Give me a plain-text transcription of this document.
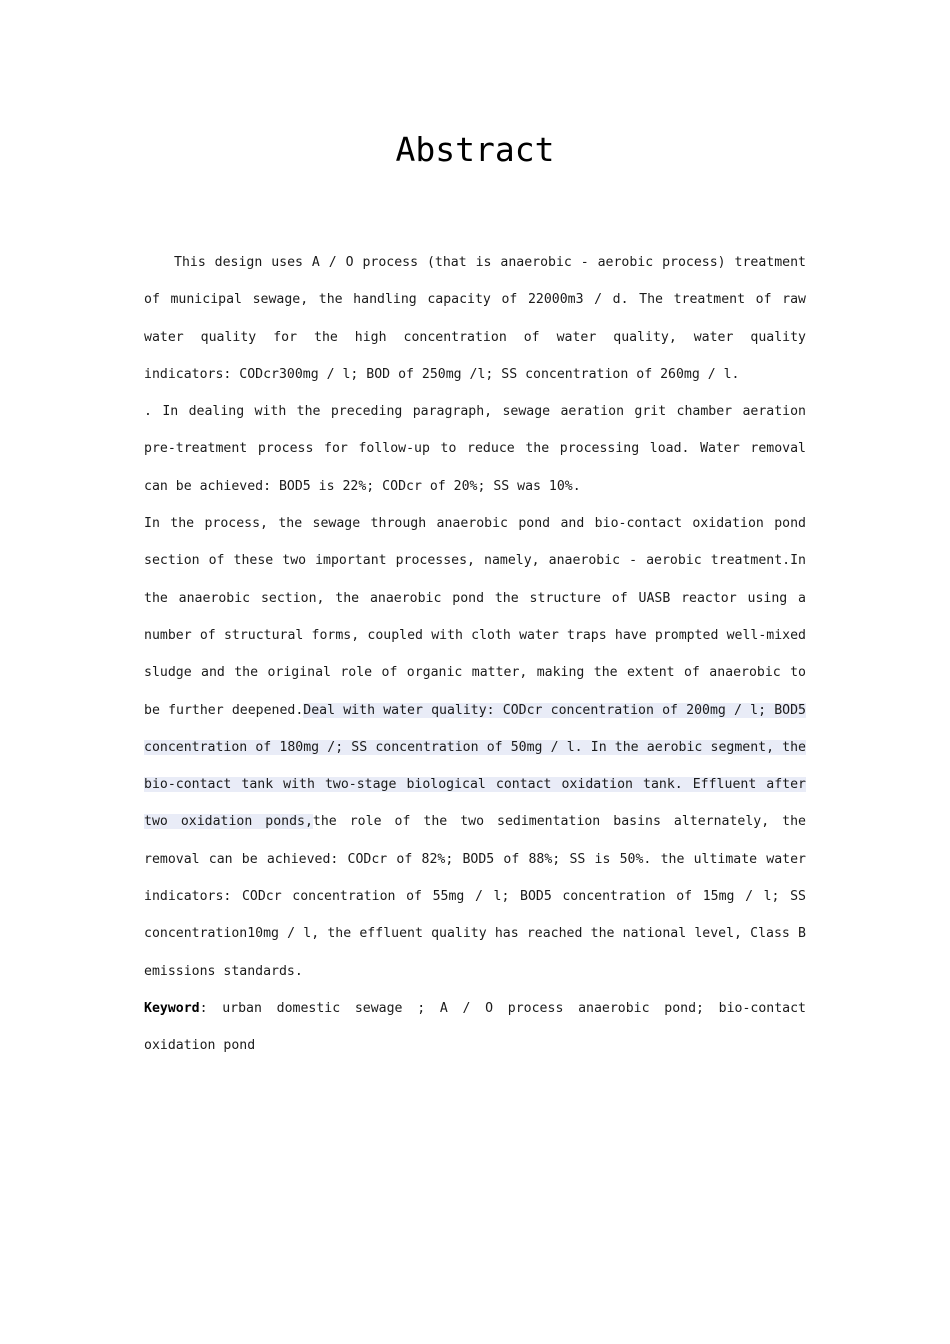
Abstract

This design uses A / O process (that is anaerobic - aerobic process) treatment of municipal sewage, the handling capacity of 22000m3 / d. The treatment of raw water quality for the high concentration of water quality, water quality indicators: CODcr300mg / l; BOD of 250mg /l; SS concentration of 260mg / l.

. In dealing with the preceding paragraph, sewage aeration grit chamber aeration pre-treatment process for follow-up to reduce the processing load. Water removal can be achieved: BOD5 is 22%; CODcr of 20%; SS was 10%.

In the process, the sewage through anaerobic pond and bio-contact oxidation pond section of these two important processes, namely, anaerobic - aerobic treatment.In the anaerobic section, the anaerobic pond the structure of UASB reactor using a number of structural forms, coupled with cloth water traps have prompted well-mixed sludge and the original role of organic matter, making the extent of anaerobic to be further deepened.Deal with water quality: CODcr concentration of 200mg / l; BOD5 concentration of 180mg /; SS concentration of 50mg / l. In the aerobic segment, the bio-contact tank with two-stage biological contact oxidation tank. Effluent after two oxidation ponds,the role of the two sedimentation basins alternately, the removal can be achieved: CODcr of 82%; BOD5 of 88%; SS is 50%. the ultimate water indicators: CODcr concentration of 55mg / l; BOD5 concentration of 15mg / l; SS concentration10mg / l, the effluent quality has reached the national level, Class B emissions standards.

Keyword: urban domestic sewage ; A / O process anaerobic pond; bio-contact oxidation pond
